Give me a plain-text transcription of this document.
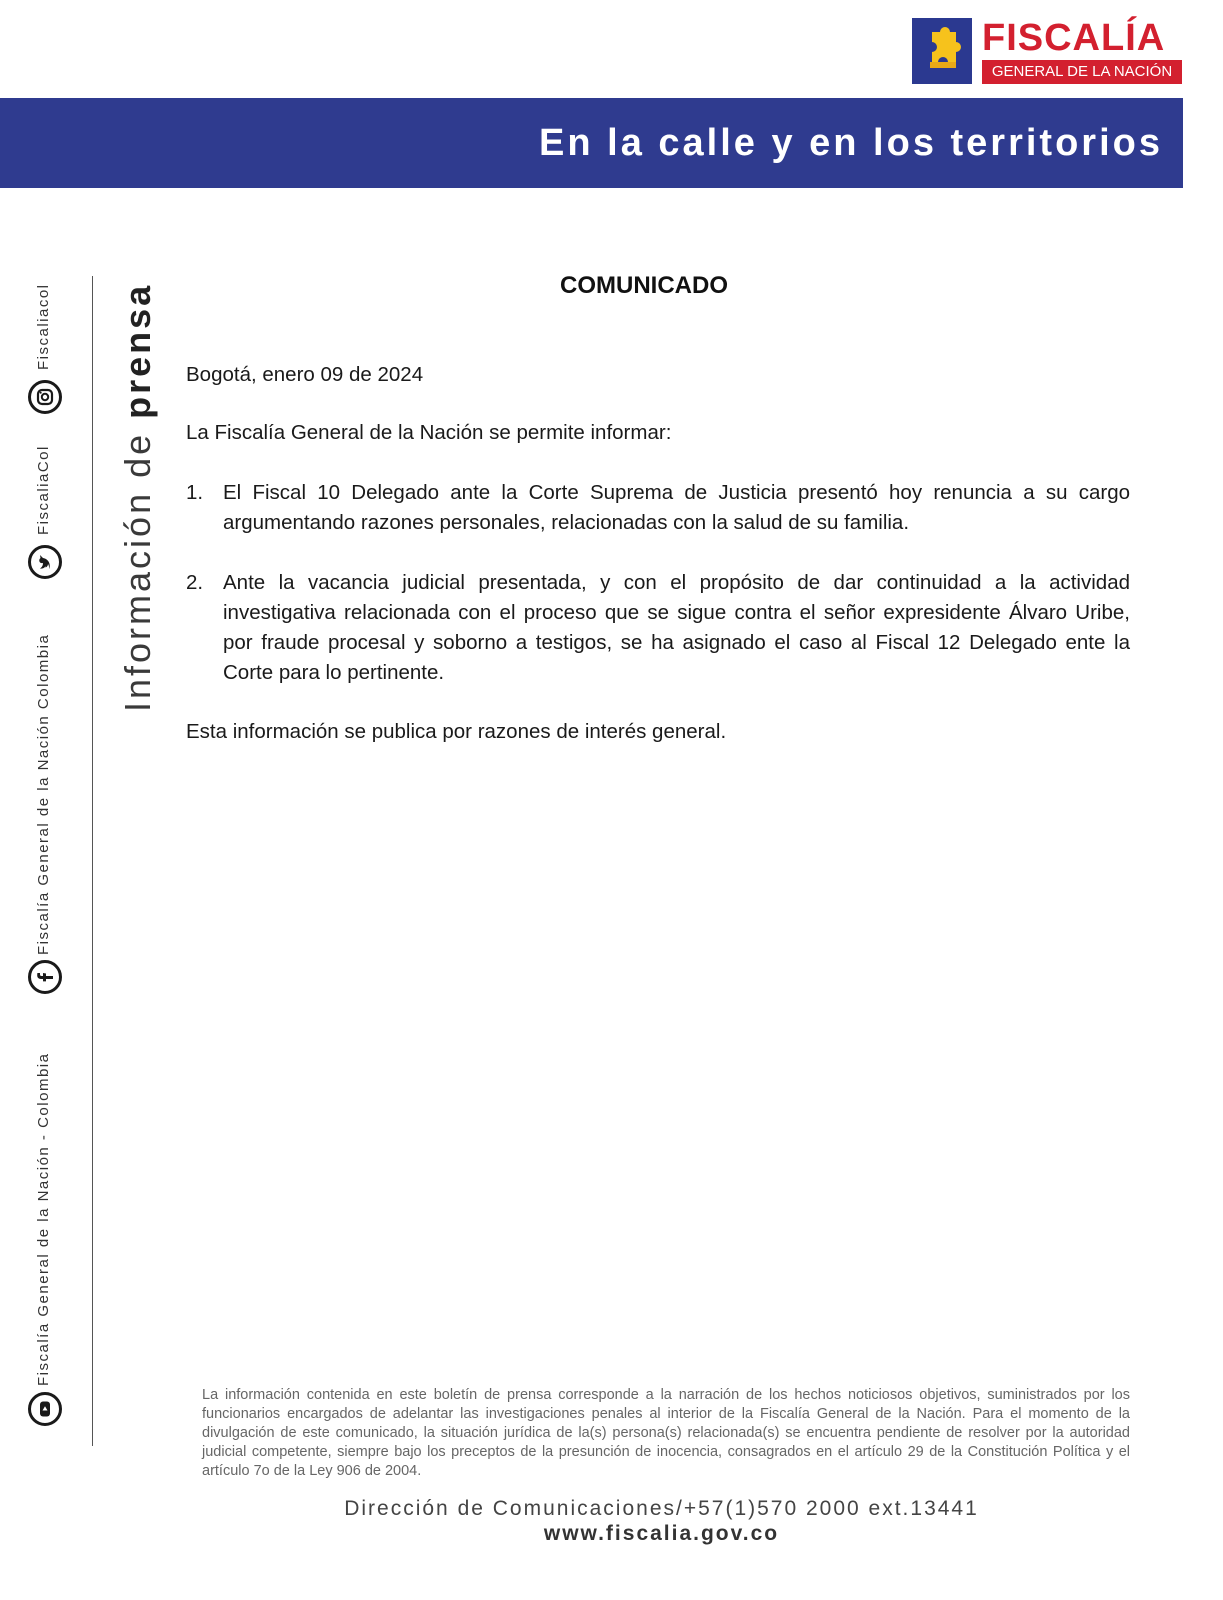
FISCALÍA
GENERAL DE LA NACIÓN
En la calle y en los territorios
Fiscaliacol
FiscaliaCol
Fiscalía General de la Nación Colombia
Fiscalía General de la Nación - Colombia
Información de prensa	COMUNICADO
Bogotá, enero 09 de 2024
La Fiscalía General de la Nación se permite informar:
1. El Fiscal 10 Delegado ante la Corte Suprema de Justicia presentó hoy renuncia a su cargo argumentando razones personales, relacionadas con la salud de su familia.
2. Ante la vacancia judicial presentada, y con el propósito de dar continuidad a la actividad investigativa relacionada con el proceso que se sigue contra el señor expresidente Álvaro Uribe, por fraude procesal y soborno a testigos, se ha asignado el caso al Fiscal 12 Delegado ente la Corte para lo pertinente.
Esta información se publica por razones de interés general.
La información contenida en este boletín de prensa corresponde a la narración de los hechos noticiosos objetivos, suministrados por los funcionarios encargados de adelantar las investigaciones penales al interior de la Fiscalía General de la Nación. Para el momento de la divulgación de este comunicado, la situación jurídica de la(s) persona(s) relacionada(s) se encuentra pendiente de resolver por la autoridad judicial competente, siempre bajo los preceptos de la presunción de inocencia, consagrados en el artículo 29 de la Constitución Política y el artículo 7o de la Ley 906 de 2004.
Dirección de Comunicaciones/+57(1)570 2000 ext.13441
www.fiscalia.gov.co
